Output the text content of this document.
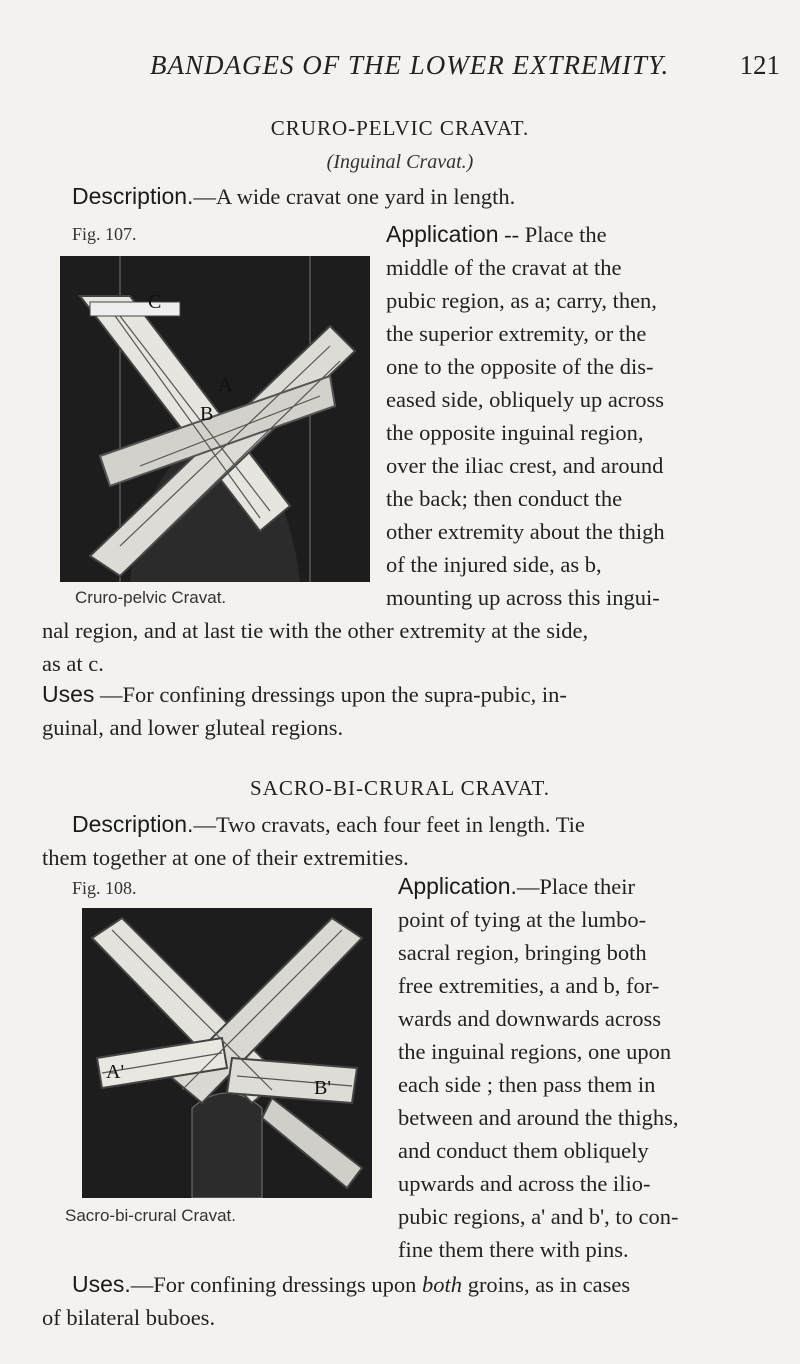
BANDAGES OF THE LOWER EXTREMITY.	121
CRURO-PELVIC CRAVAT.
(Inguinal Cravat.)
Description.—A wide cravat one yard in length.
Fig. 107.
C
A
B
Cruro-pelvic Cravat.
Application -- Place the
middle of the cravat at the
pubic region, as a; carry, then,
the superior extremity, or the
one to the opposite of the dis-
eased side, obliquely up across
the opposite inguinal region,
over the iliac crest, and around
the back; then conduct the
other extremity about the thigh
of the injured side, as b,
mounting up across this ingui-
nal region, and at last tie with the other extremity at the side,
as at c.
Uses —For confining dressings upon the supra-pubic, in-
guinal, and lower gluteal regions.
SACRO-BI-CRURAL CRAVAT.
Description.—Two cravats, each four feet in length. Tie
them together at one of their extremities.
Fig. 108.
A'
B'
Sacro-bi-crural Cravat.
Application.—Place their
point of tying at the lumbo-
sacral region, bringing both
free extremities, a and b, for-
wards and downwards across
the inguinal regions, one upon
each side ; then pass them in
between and around the thighs,
and conduct them obliquely
upwards and across the ilio-
pubic regions, a' and b', to con-
fine them there with pins.
Uses.—For confining dressings upon both groins, as in cases
of bilateral buboes.
